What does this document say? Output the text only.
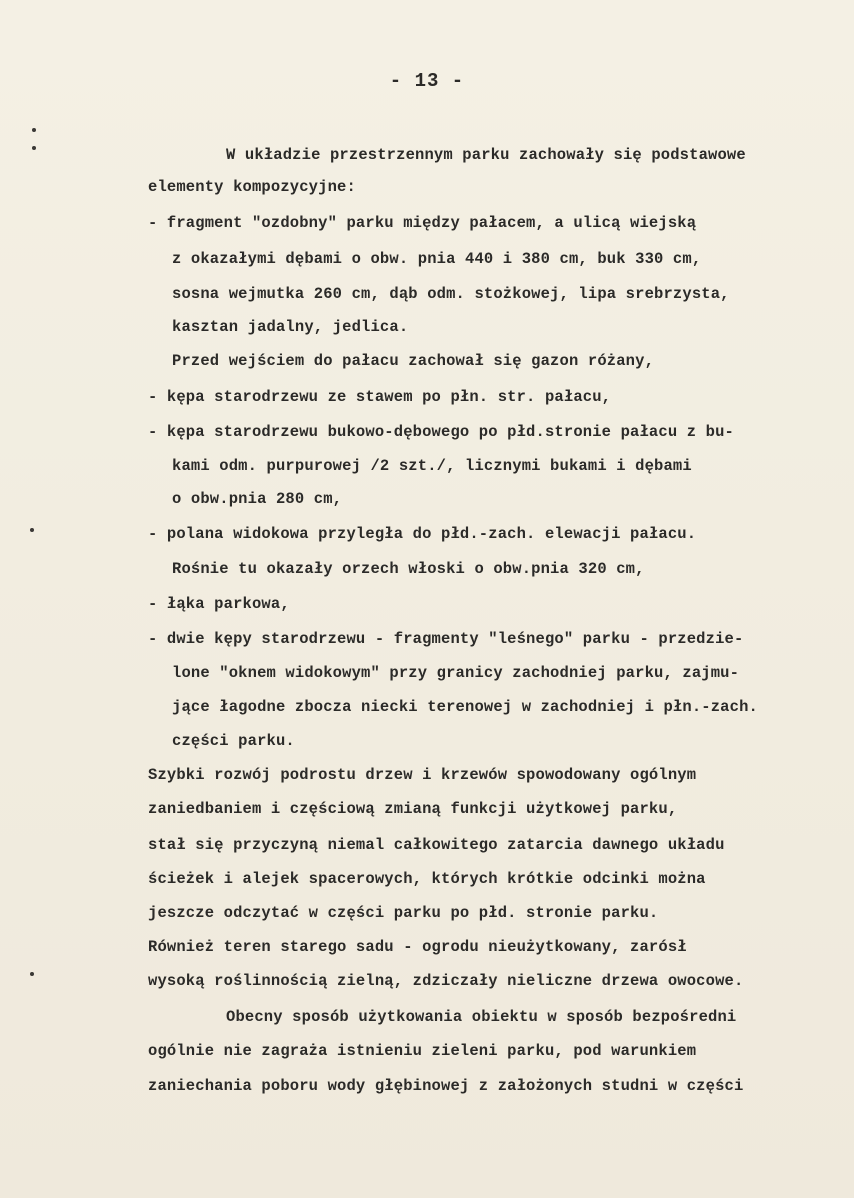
- 13 -
W układzie przestrzennym parku zachowały się podstawowe
elementy kompozycyjne:
- fragment "ozdobny" parku między pałacem, a ulicą wiejską
z okazałymi dębami o obw. pnia 440 i 380 cm, buk 330 cm,
sosna wejmutka 260 cm, dąb odm. stożkowej, lipa srebrzysta,
kasztan jadalny, jedlica.
Przed wejściem do pałacu zachował się gazon różany,
- kępa starodrzewu ze stawem po płn. str. pałacu,
- kępa starodrzewu bukowo-dębowego po płd.stronie pałacu z bu-
kami odm. purpurowej /2 szt./, licznymi bukami i dębami
o obw.pnia 280 cm,
- polana widokowa przyległa do płd.-zach. elewacji pałacu.
Rośnie tu okazały orzech włoski o obw.pnia 320 cm,
- łąka parkowa,
- dwie kępy starodrzewu - fragmenty "leśnego" parku - przedzie-
lone "oknem widokowym" przy granicy zachodniej parku, zajmu-
jące łagodne zbocza niecki terenowej w zachodniej i płn.-zach.
części parku.
Szybki rozwój podrostu drzew i krzewów spowodowany ogólnym
zaniedbaniem i częściową zmianą funkcji użytkowej parku,
stał się przyczyną niemal całkowitego zatarcia dawnego układu
ścieżek i alejek spacerowych, których krótkie odcinki można
jeszcze odczytać w części parku po płd. stronie parku.
Również teren starego sadu - ogrodu nieużytkowany, zarósł
wysoką roślinnością zielną, zdziczały nieliczne drzewa owocowe.
Obecny sposób użytkowania obiektu w sposób bezpośredni
ogólnie nie zagraża istnieniu zieleni parku, pod warunkiem
zaniechania poboru wody głębinowej z założonych studni w części
